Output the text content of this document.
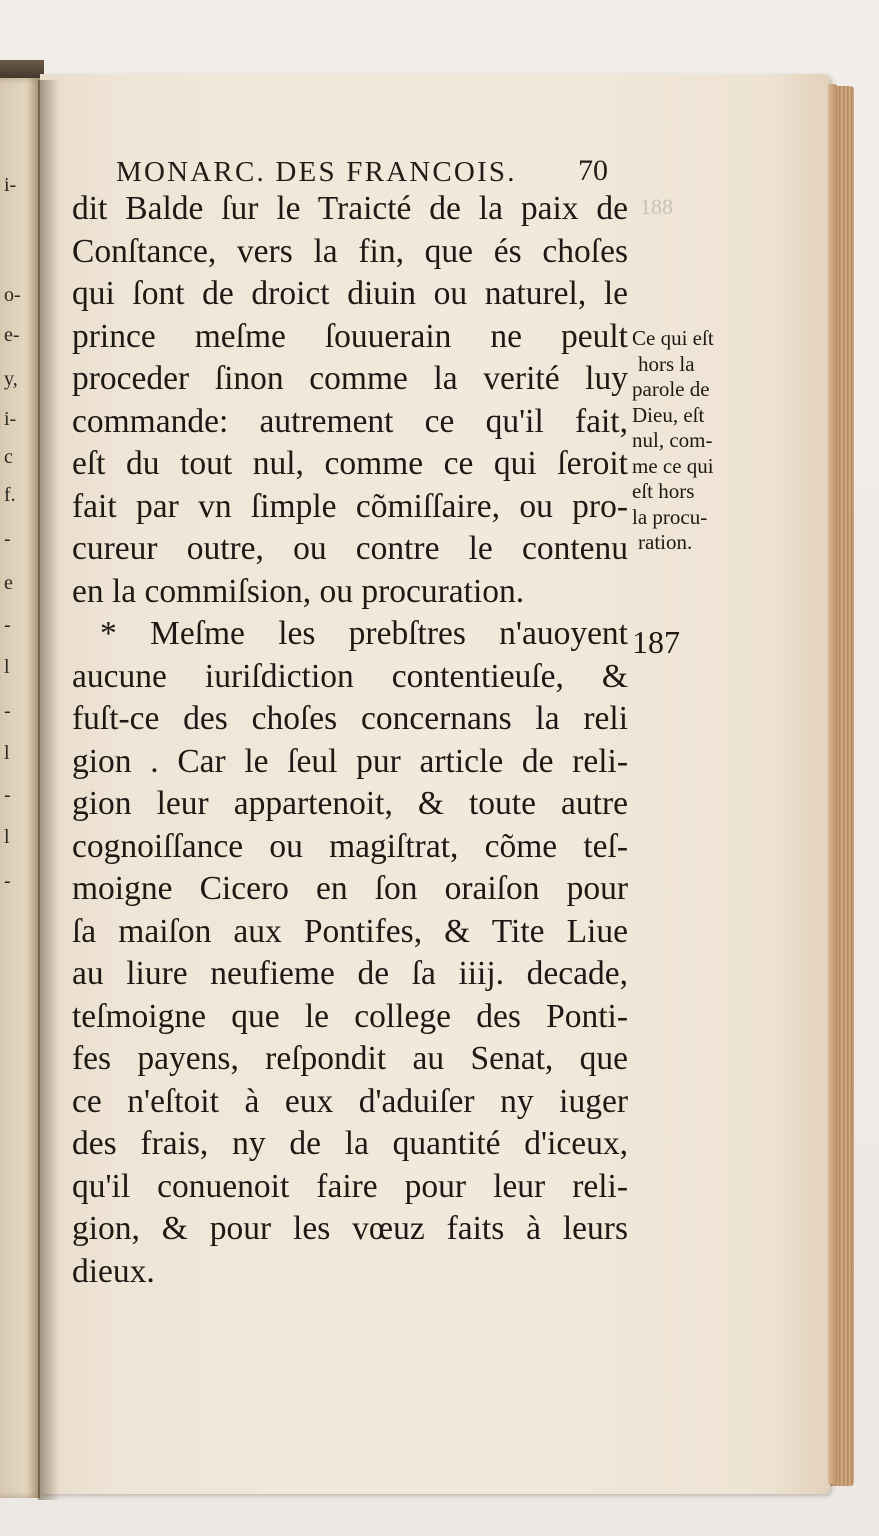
i-
o-
e-
y,
i-
c
f.
-
e
-
l
-
l
-
l
-
MONARC. DES FRANCOIS. 70
188
dit Balde ſur le Traicté de la paix de
Conſtance, vers la fin, que és choſes
qui ſont de droict diuin ou naturel, le
prince meſme ſouuerain ne peult
proceder ſinon comme la verité luy
commande: autrement ce qu'il fait,
eſt du tout nul, comme ce qui ſeroit
fait par vn ſimple cõmiſſaire, ou pro-
cureur outre, ou contre le contenu
en la commiſsion, ou procuration.
* Meſme les prebſtres n'auoyent
aucune iuriſdiction contentieuſe, &
fuſt-ce des choſes concernans la reli
gion . Car le ſeul pur article de reli-
gion leur appartenoit, & toute autre
cognoiſſance ou magiſtrat, cõme teſ-
moigne Cicero en ſon oraiſon pour
ſa maiſon aux Pontifes, & Tite Liue
au liure neufieme de ſa iiij. decade,
teſmoigne que le college des Ponti-
fes payens, reſpondit au Senat, que
ce n'eſtoit à eux d'aduiſer ny iuger
des frais, ny de la quantité d'iceux,
qu'il conuenoit faire pour leur reli-
gion, & pour les vœuz faits à leurs
dieux.
Ce qui eſt
hors la
parole de
Dieu, eſt
nul, com-
me ce qui
eſt hors
la procu-
ration.
187
